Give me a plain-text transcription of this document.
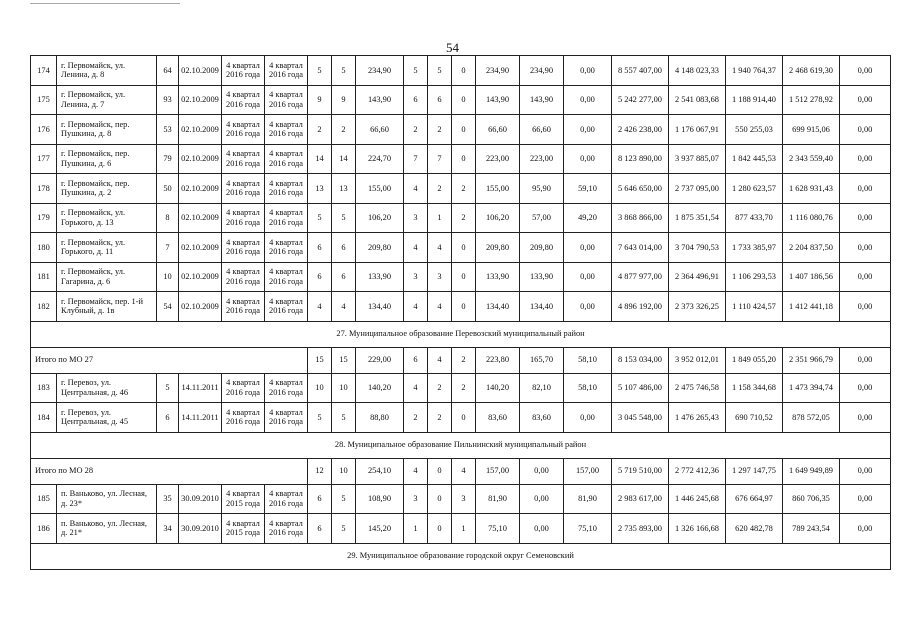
54
174	г. Первомайск, ул. Ленина, д. 8	64	02.10.2009	4 квартал 2016 года	4 квартал 2016 года	5	5	234,90	5	5	0	234,90	234,90	0,00	8 557 407,00	4 148 023,33	1 940 764,37	2 468 619,30	0,00
175	г. Первомайск, ул. Ленина, д. 7	93	02.10.2009	4 квартал 2016 года	4 квартал 2016 года	9	9	143,90	6	6	0	143,90	143,90	0,00	5 242 277,00	2 541 083,68	1 188 914,40	1 512 278,92	0,00
176	г. Первомайск, пер. Пушкина, д. 8	53	02.10.2009	4 квартал 2016 года	4 квартал 2016 года	2	2	66,60	2	2	0	66,60	66,60	0,00	2 426 238,00	1 176 067,91	550 255,03	699 915,06	0,00
177	г. Первомайск, пер. Пушкина, д. 6	79	02.10.2009	4 квартал 2016 года	4 квартал 2016 года	14	14	224,70	7	7	0	223,00	223,00	0,00	8 123 890,00	3 937 885,07	1 842 445,53	2 343 559,40	0,00
178	г. Первомайск, пер. Пушкина, д. 2	50	02.10.2009	4 квартал 2016 года	4 квартал 2016 года	13	13	155,00	4	2	2	155,00	95,90	59,10	5 646 650,00	2 737 095,00	1 280 623,57	1 628 931,43	0,00
179	г. Первомайск, ул. Горького, д. 13	8	02.10.2009	4 квартал 2016 года	4 квартал 2016 года	5	5	106,20	3	1	2	106,20	57,00	49,20	3 868 866,00	1 875 351,54	877 433,70	1 116 080,76	0,00
180	г. Первомайск, ул. Горького, д. 11	7	02.10.2009	4 квартал 2016 года	4 квартал 2016 года	6	6	209,80	4	4	0	209,80	209,80	0,00	7 643 014,00	3 704 790,53	1 733 385,97	2 204 837,50	0,00
181	г. Первомайск, ул. Гагарина, д. 6	10	02.10.2009	4 квартал 2016 года	4 квартал 2016 года	6	6	133,90	3	3	0	133,90	133,90	0,00	4 877 977,00	2 364 496,91	1 106 293,53	1 407 186,56	0,00
182	г. Первомайск, пер. 1-й Клубный, д. 1в	54	02.10.2009	4 квартал 2016 года	4 квартал 2016 года	4	4	134,40	4	4	0	134,40	134,40	0,00	4 896 192,00	2 373 326,25	1 110 424,57	1 412 441,18	0,00
27. Муниципальное образование Перевозский муниципальный район																			
Итого по МО 27						15	15	229,00	6	4	2	223,80	165,70	58,10	8 153 034,00	3 952 012,01	1 849 055,20	2 351 966,79	0,00
183	г. Перевоз, ул. Центральная, д. 46	5	14.11.2011	4 квартал 2016 года	4 квартал 2016 года	10	10	140,20	4	2	2	140,20	82,10	58,10	5 107 486,00	2 475 746,58	1 158 344,68	1 473 394,74	0,00
184	г. Перевоз, ул. Центральная, д. 45	6	14.11.2011	4 квартал 2016 года	4 квартал 2016 года	5	5	88,80	2	2	0	83,60	83,60	0,00	3 045 548,00	1 476 265,43	690 710,52	878 572,05	0,00
28. Муниципальное образование Пильнинский муниципальный район																			
Итого по МО 28						12	10	254,10	4	0	4	157,00	0,00	157,00	5 719 510,00	2 772 412,36	1 297 147,75	1 649 949,89	0,00
185	п. Ваньково, ул. Лесная, д. 23*	35	30.09.2010	4 квартал 2015 года	4 квартал 2016 года	6	5	108,90	3	0	3	81,90	0,00	81,90	2 983 617,00	1 446 245,68	676 664,97	860 706,35	0,00
186	п. Ваньково, ул. Лесная, д. 21*	34	30.09.2010	4 квартал 2015 года	4 квартал 2016 года	6	5	145,20	1	0	1	75,10	0,00	75,10	2 735 893,00	1 326 166,68	620 482,78	789 243,54	0,00
29. Муниципальное образование городской округ Семеновский																			
